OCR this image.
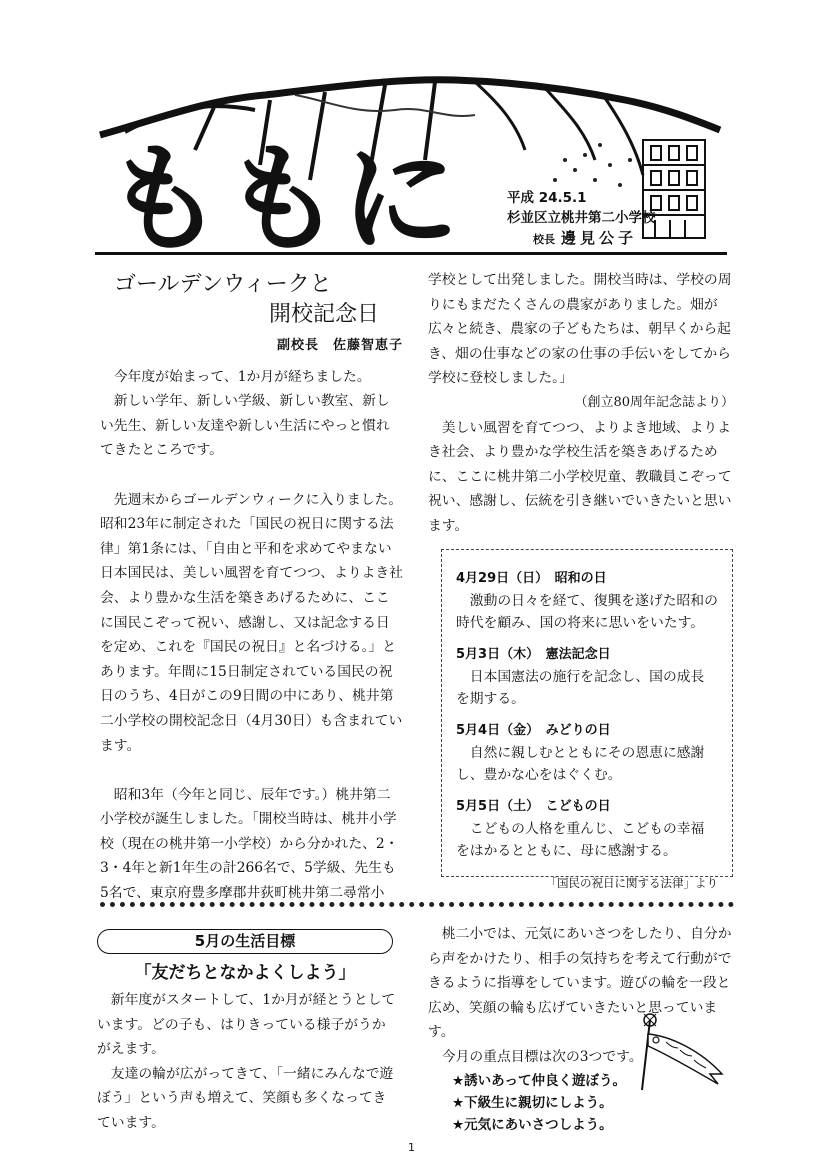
ももに	平成 24.5.1
杉並区立桃井第二小学校
校長 邊見公子
ゴールデンウィークと
開校記念日
副校長　佐藤智恵子

今年度が始まって、1か月が経ちました。

新しい学年、新しい学級、新しい教室、新しい先生、新しい友達や新しい生活にやっと慣れてきたところです。

先週末からゴールデンウィークに入りました。昭和23年に制定された「国民の祝日に関する法律」第1条には、「自由と平和を求めてやまない日本国民は、美しい風習を育てつつ、よりよき社会、より豊かな生活を築きあげるために、ここに国民こぞって祝い、感謝し、又は記念する日を定め、これを『国民の祝日』と名づける。」とあります。年間に15日制定されている国民の祝日のうち、4日がこの9日間の中にあり、桃井第二小学校の開校記念日（4月30日）も含まれています。

昭和3年（今年と同じ、辰年です。）桃井第二小学校が誕生しました。「開校当時は、桃井小学校（現在の桃井第一小学校）から分かれた、2・3・4年と新1年生の計266名で、5学級、先生も5名で、東京府豊多摩郡井荻町桃井第二尋常小

学校として出発しました。開校当時は、学校の周りにもまだたくさんの農家がありました。畑が広々と続き、農家の子どもたちは、朝早くから起き、畑の仕事などの家の仕事の手伝いをしてから学校に登校しました。」

（創立80周年記念誌より）

美しい風習を育てつつ、よりよき地域、よりよき社会、より豊かな学校生活を築きあげるために、ここに桃井第二小学校児童、教職員こぞって祝い、感謝し、伝統を引き継いでいきたいと思います。

4月29日（日）　昭和の日
激動の日々を経て、復興を遂げた昭和の時代を顧み、国の将来に思いをいたす。
5月3日（木）　憲法記念日
日本国憲法の施行を記念し、国の成長を期する。
5月4日（金）　みどりの日
自然に親しむとともにその恩恵に感謝し、豊かな心をはぐくむ。
5月5日（土）　こどもの日
こどもの人格を重んじ、こどもの幸福をはかるとともに、母に感謝する。
「国民の祝日に関する法律」より
5月の生活目標
「友だちとなかよくしよう」

新年度がスタートして、1か月が経とうとしています。どの子も、はりきっている様子がうかがえます。

友達の輪が広がってきて、「一緒にみんなで遊ぼう」という声も増えて、笑顔も多くなってきています。

桃二小では、元気にあいさつをしたり、自分から声をかけたり、相手の気持ちを考えて行動ができるように指導をしています。遊びの輪を一段と広め、笑顔の輪も広げていきたいと思っています。

今月の重点目標は次の3つです。

★誘いあって仲良く遊ぼう。
★下級生に親切にしよう。
★元気にあいさつしよう。
1
